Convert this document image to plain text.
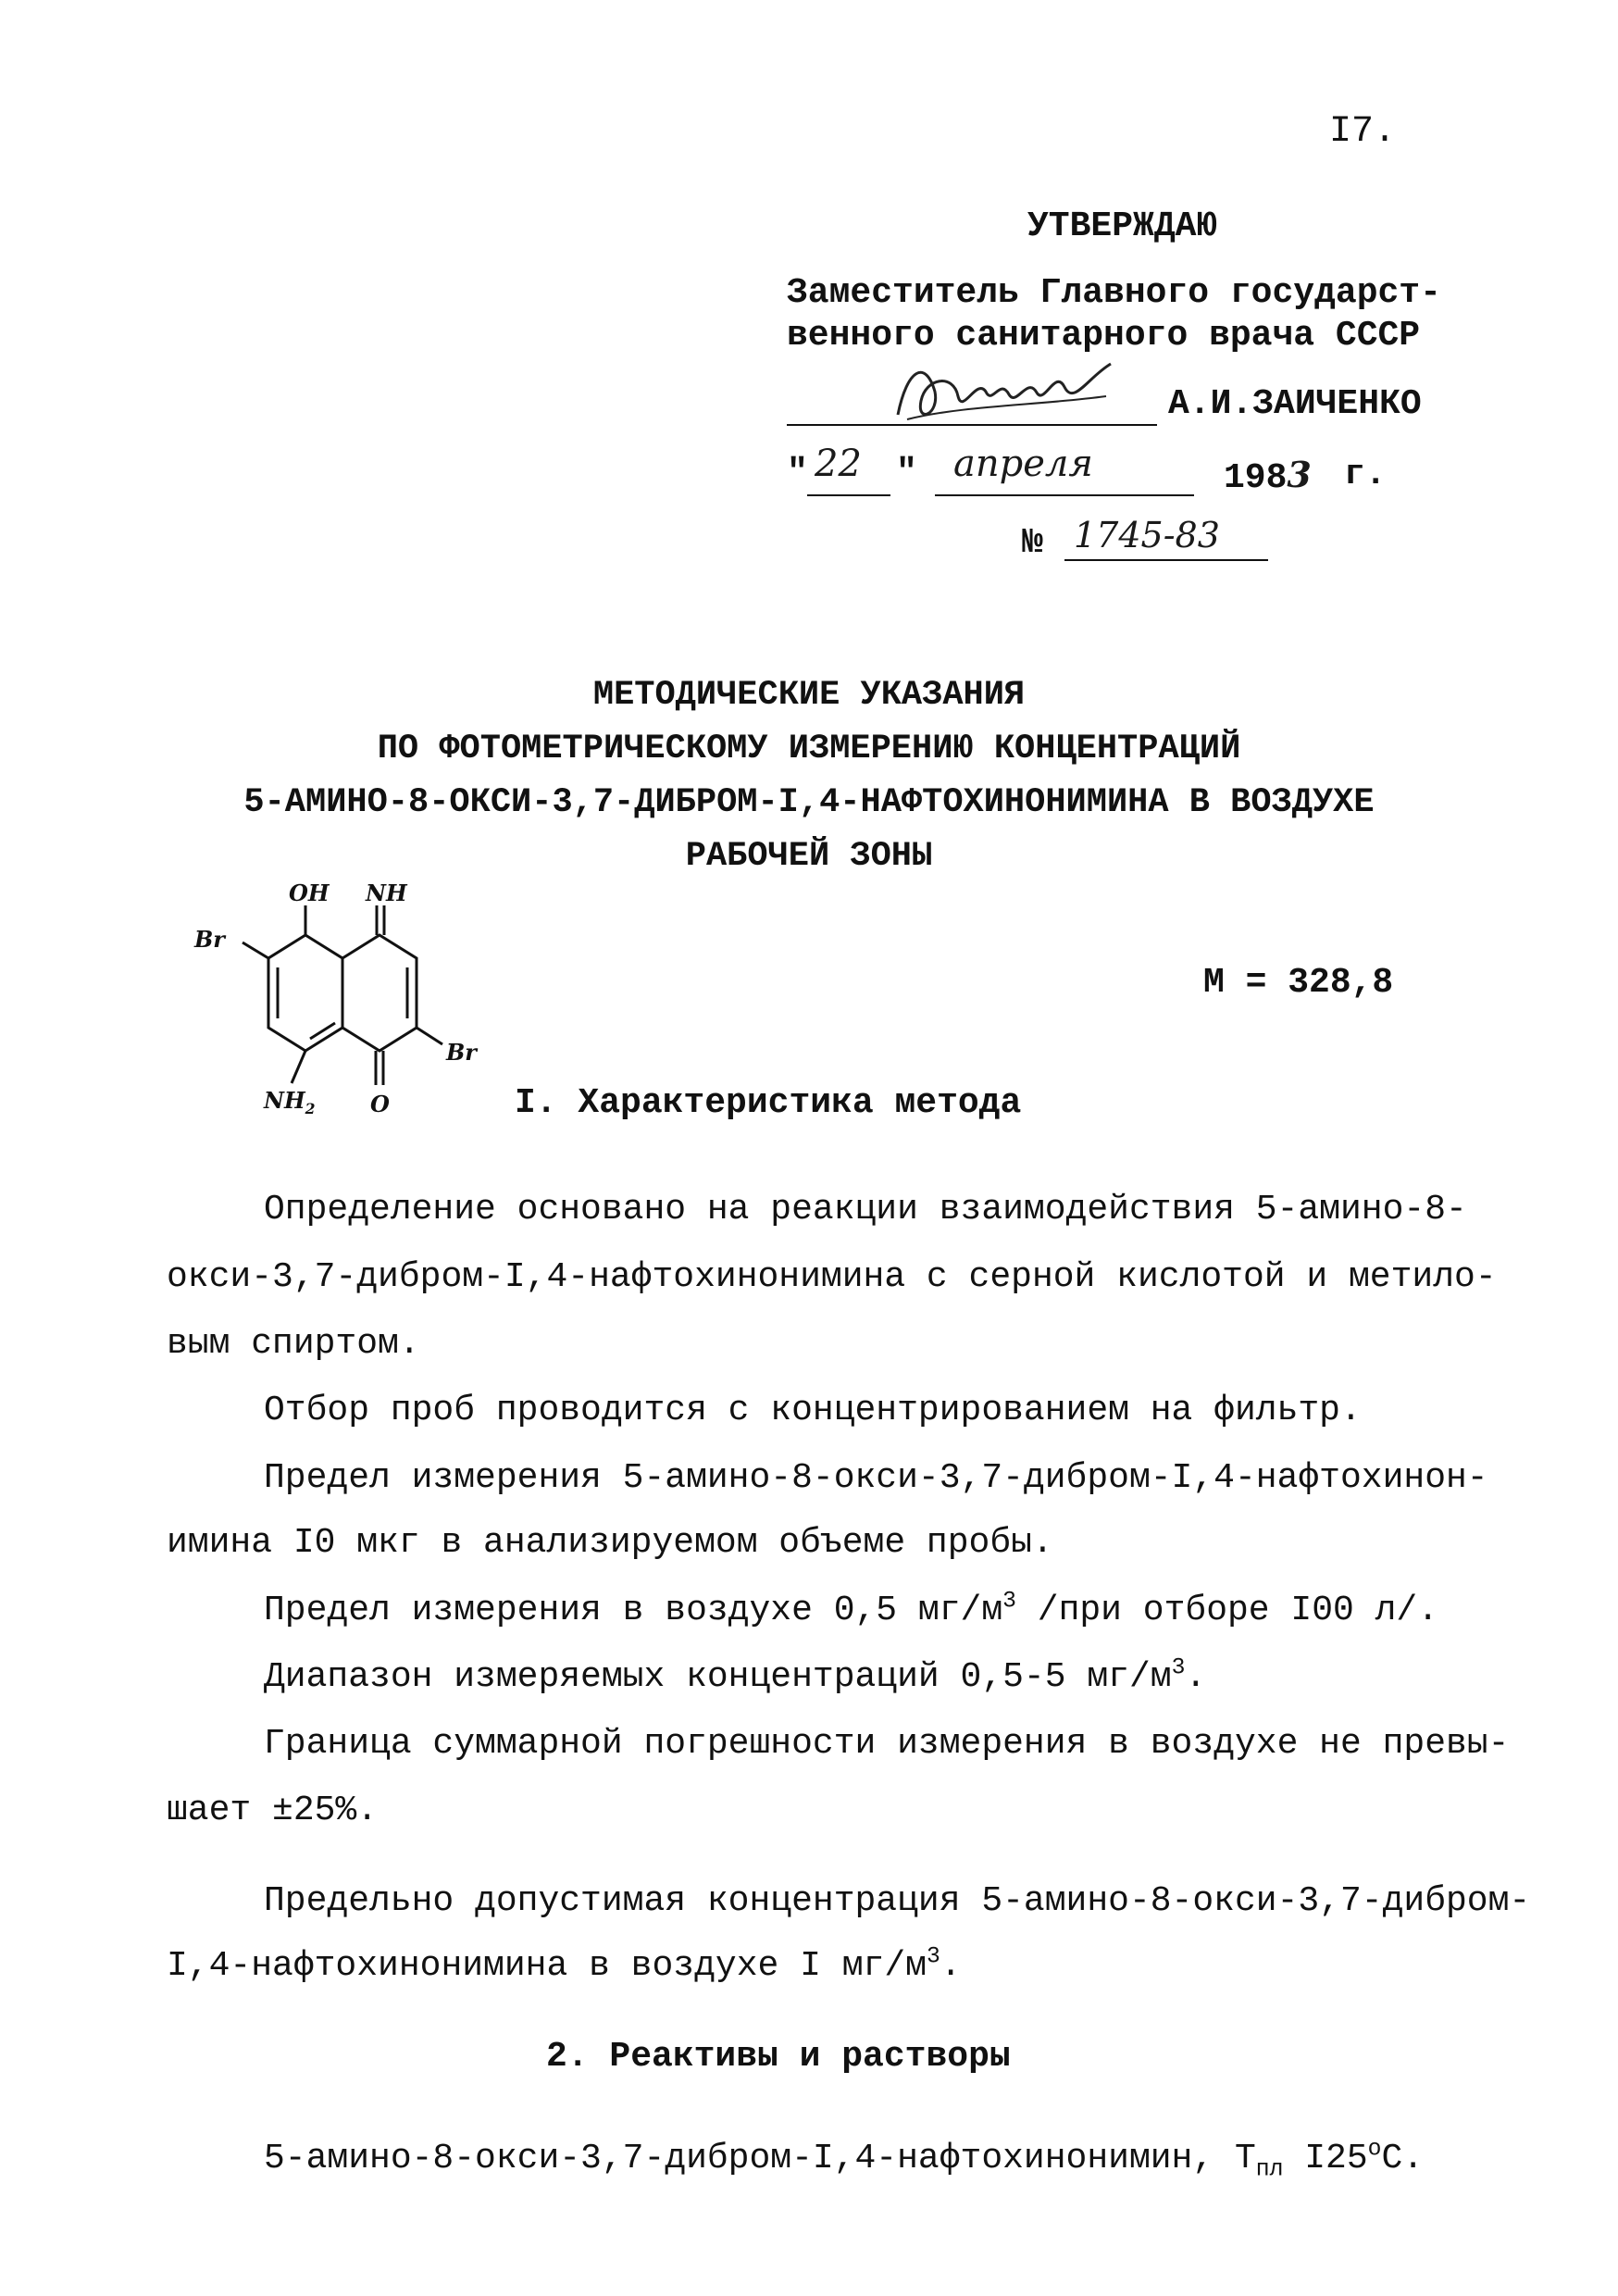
I7.
УТВЕРЖДАЮ
Заместитель Главного государст-
венного санитарного врача СССР
А.И.ЗАИЧЕНКО
" 22 " апреля	1983 г.
№ 1745-83
МЕТОДИЧЕСКИЕ УКАЗАНИЯ
ПО ФОТОМЕТРИЧЕСКОМУ ИЗМЕРЕНИЮ КОНЦЕНТРАЦИЙ
5-АМИНО-8-ОКСИ-3,7-ДИБРОМ-I,4-НАФТОХИНОНИМИНА В ВОЗДУХЕ
РАБОЧЕЙ ЗОНЫ
OH NH
Br
Br
$NH_2$ O
М = 328,8
I. Характеристика метода
Определение основано на реакции взаимодействия 5-амино-8-
окси-3,7-дибром-I,4-нафтохинонимина с серной кислотой и метило-
вым спиртом.
Отбор проб проводится с концентрированием на фильтр.
Предел измерения 5-амино-8-окси-3,7-дибром-I,4-нафтохинон-
имина I0 мкг в анализируемом объеме пробы.
Предел измерения в воздухе 0,5 $мг/м^3$ /при отборе I00 л/.
Диапазон измеряемых концентраций 0,5-5 $мг/м^3$.
Граница суммарной погрешности измерения в воздухе не превы-
шает ±25%.
Предельно допустимая концентрация 5-амино-8-окси-3,7-дибром-
I,4-нафтохинонимина в воздухе I $мг/м^3$.
2. Реактивы и растворы
5-амино-8-окси-3,7-дибром-I,4-нафтохинонимин, $Т_{пл}$ $I25^оС$.
